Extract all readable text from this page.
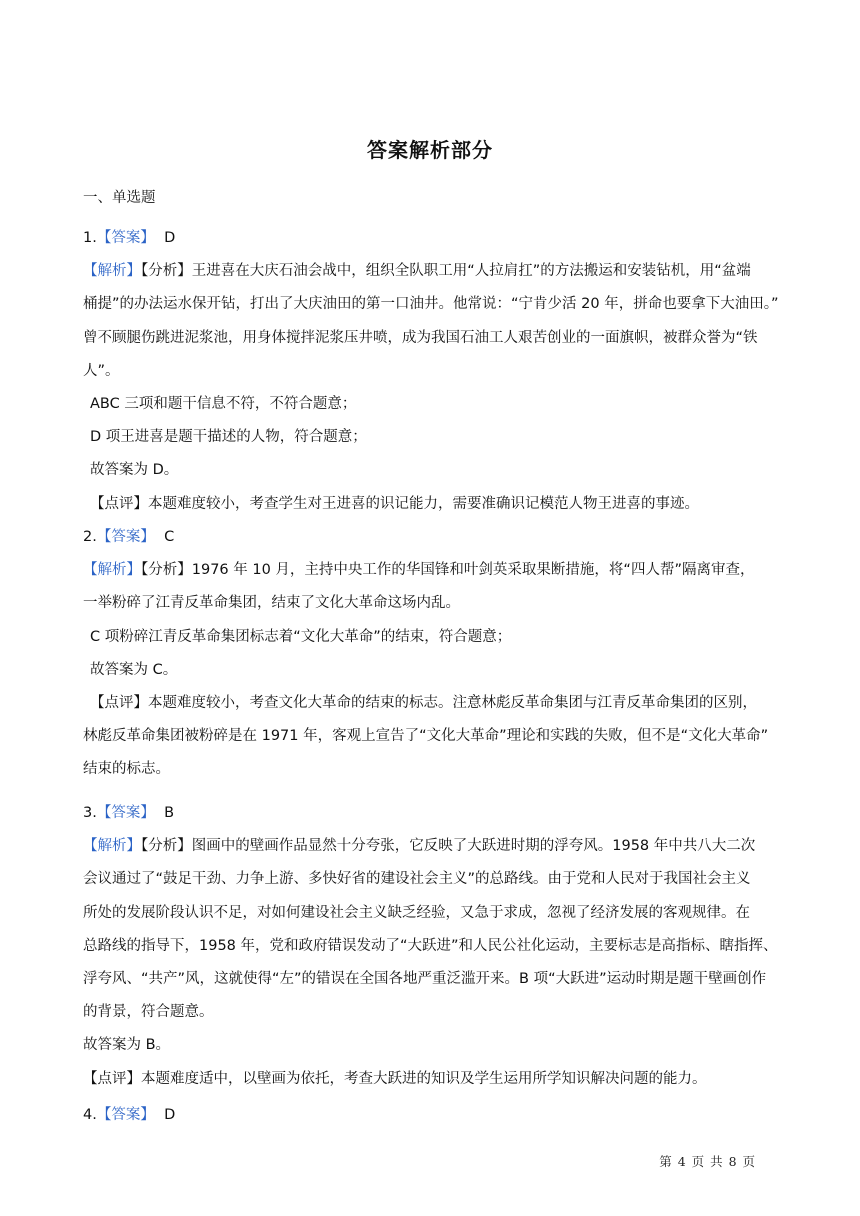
答案解析部分
一、单选题
1.【答案】 D
【解析】【分析】王进喜在大庆石油会战中，组织全队职工用“人拉肩扛”的方法搬运和安装钻机，用“盆端
桶提”的办法运水保开钻，打出了大庆油田的第一口油井。他常说：“宁肯少活 20 年，拼命也要拿下大油田。”
曾不顾腿伤跳进泥浆池，用身体搅拌泥浆压井喷，成为我国石油工人艰苦创业的一面旗帜，被群众誉为“铁
人”。
ABC 三项和题干信息不符，不符合题意；
D 项王进喜是题干描述的人物，符合题意；
故答案为 D。
【点评】本题难度较小，考查学生对王进喜的识记能力，需要准确识记模范人物王进喜的事迹。
2.【答案】 C
【解析】【分析】1976 年 10 月，主持中央工作的华国锋和叶剑英采取果断措施，将“四人帮”隔离审查，
一举粉碎了江青反革命集团，结束了文化大革命这场内乱。
C 项粉碎江青反革命集团标志着“文化大革命”的结束，符合题意；
故答案为 C。
【点评】本题难度较小，考查文化大革命的结束的标志。注意林彪反革命集团与江青反革命集团的区别，
林彪反革命集团被粉碎是在 1971 年，客观上宣告了“文化大革命”理论和实践的失败，但不是“文化大革命”
结束的标志。
3.【答案】 B
【解析】【分析】图画中的壁画作品显然十分夸张，它反映了大跃进时期的浮夸风。1958 年中共八大二次
会议通过了“鼓足干劲、力争上游、多快好省的建设社会主义”的总路线。由于党和人民对于我国社会主义
所处的发展阶段认识不足，对如何建设社会主义缺乏经验，又急于求成，忽视了经济发展的客观规律。在
总路线的指导下，1958 年，党和政府错误发动了“大跃进”和人民公社化运动，主要标志是高指标、瞎指挥、
浮夸风、“共产”风，这就使得“左”的错误在全国各地严重泛滥开来。B 项“大跃进”运动时期是题干壁画创作
的背景，符合题意。
故答案为 B。
【点评】本题难度适中，以壁画为依托，考查大跃进的知识及学生运用所学知识解决问题的能力。
4.【答案】 D
第 4 页 共 8 页
